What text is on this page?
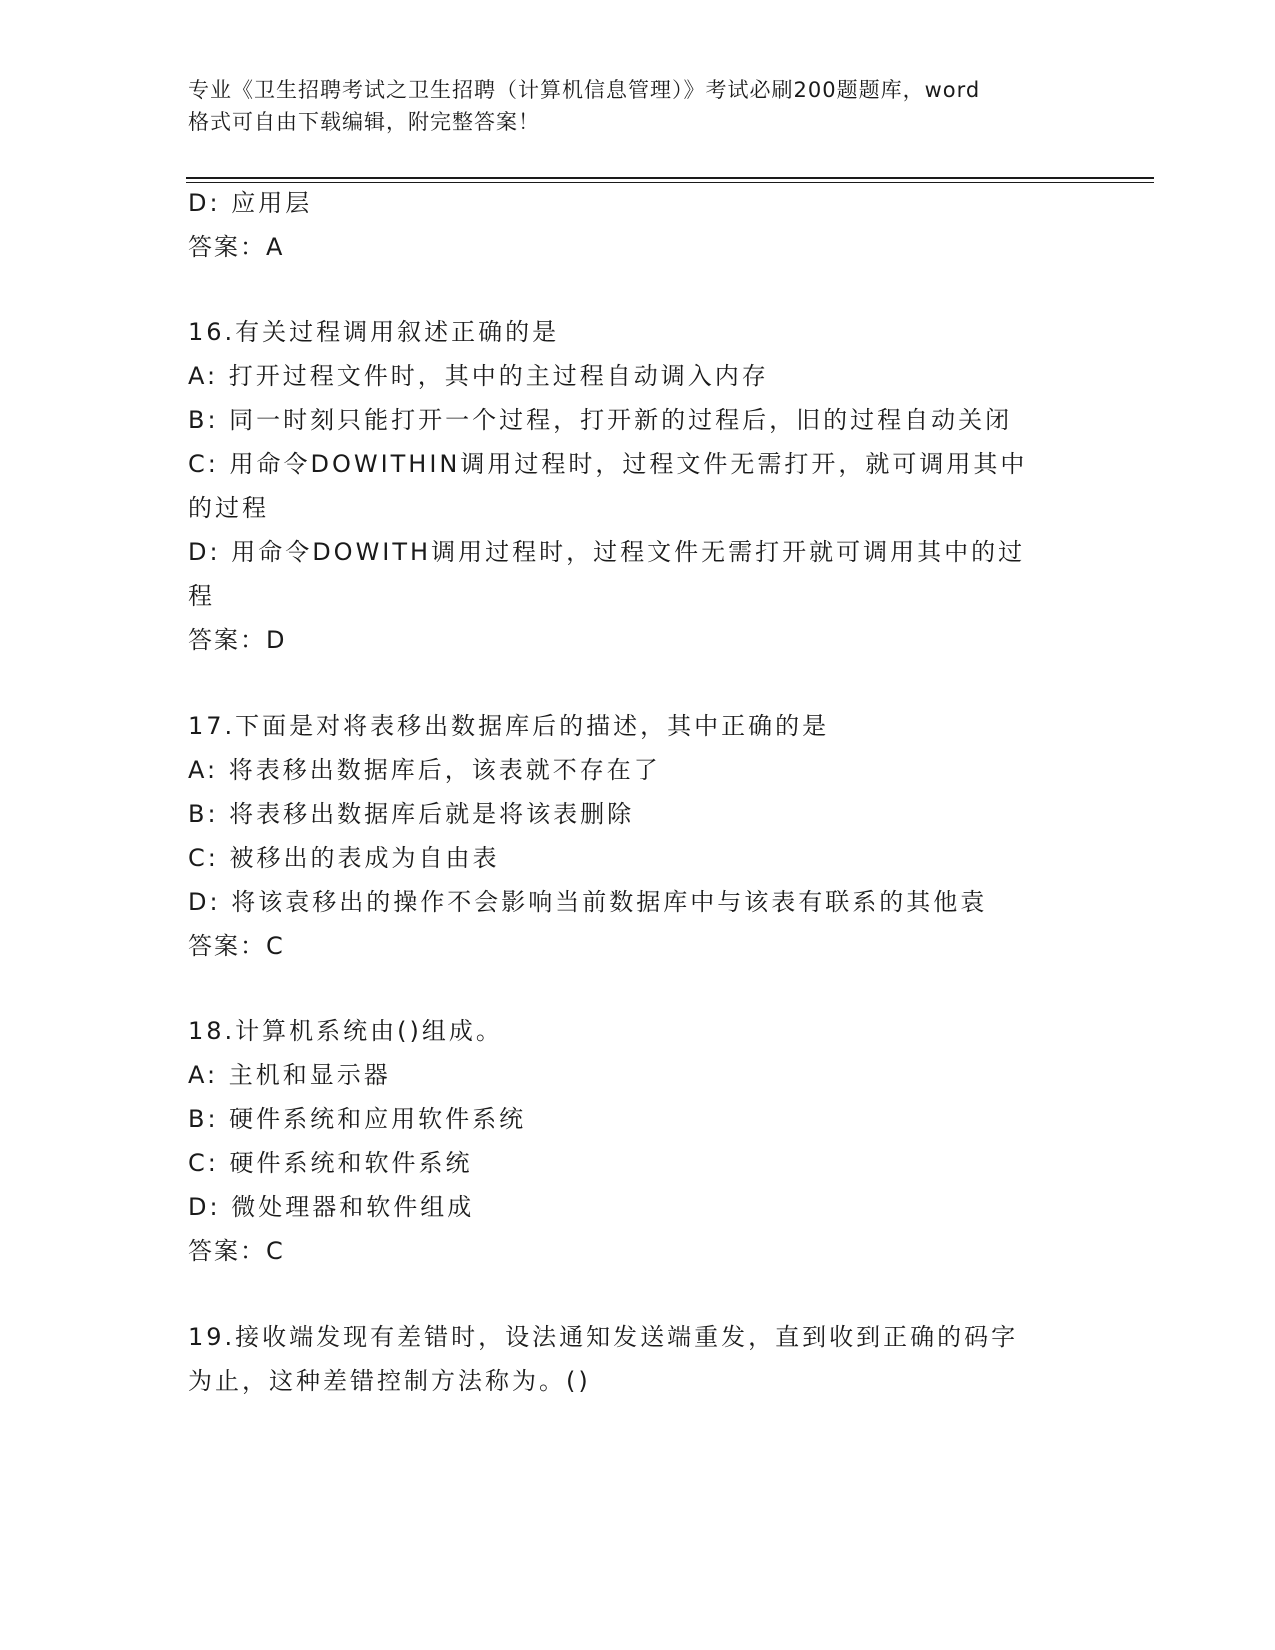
专业《卫生招聘考试之卫生招聘（计算机信息管理）》考试必刷200题题库，word
格式可自由下载编辑，附完整答案！
D: 应用层
答案：A
16.有关过程调用叙述正确的是
A: 打开过程文件时，其中的主过程自动调入内存
B: 同一时刻只能打开一个过程，打开新的过程后，旧的过程自动关闭
C: 用命令DOWITHIN调用过程时，过程文件无需打开，就可调用其中
的过程
D: 用命令DOWITH调用过程时，过程文件无需打开就可调用其中的过
程
答案：D
17.下面是对将表移出数据库后的描述，其中正确的是
A: 将表移出数据库后，该表就不存在了
B: 将表移出数据库后就是将该表删除
C: 被移出的表成为自由表
D: 将该袁移出的操作不会影响当前数据库中与该表有联系的其他袁
答案：C
18.计算机系统由()组成。
A: 主机和显示器
B: 硬件系统和应用软件系统
C: 硬件系统和软件系统
D: 微处理器和软件组成
答案：C
19.接收端发现有差错时，设法通知发送端重发，直到收到正确的码字
为止，这种差错控制方法称为。()
